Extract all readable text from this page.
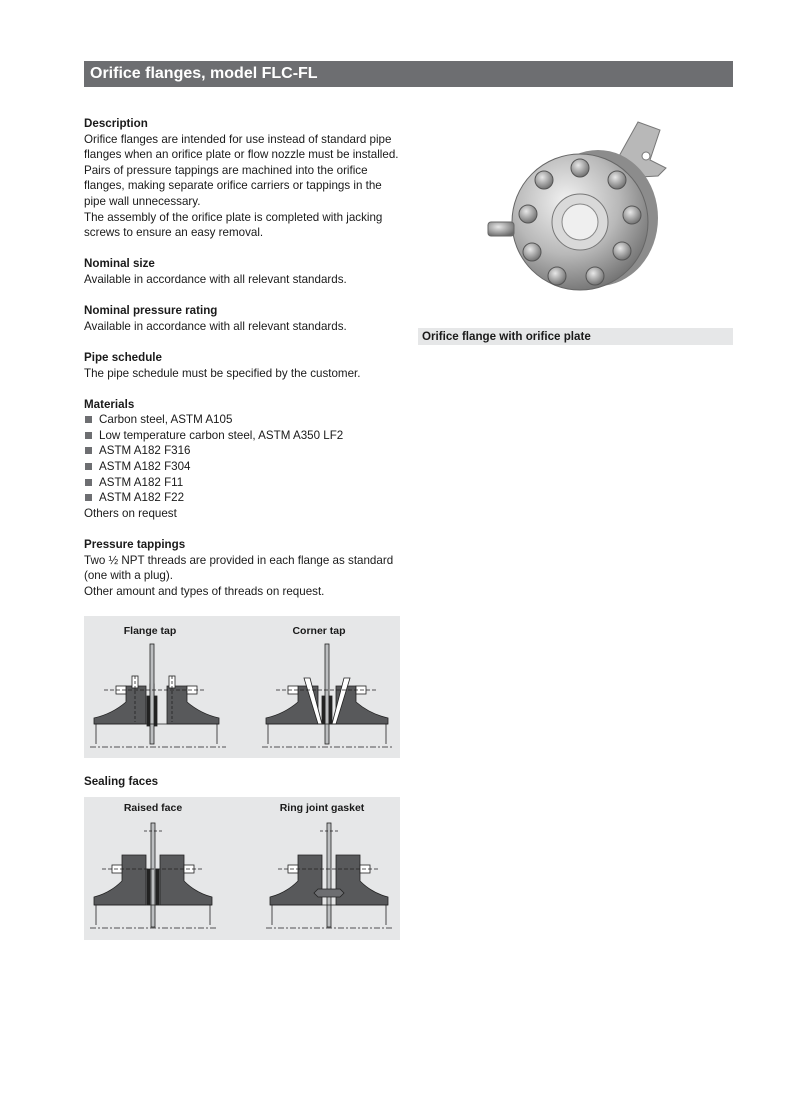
Orifice flanges, model FLC-FL
Description

Orifice flanges are intended for use instead of standard pipe

flanges when an orifice plate or flow nozzle must be installed.

Pairs of pressure tappings are machined into the orifice

flanges, making separate orifice carriers or tappings in the

pipe wall unnecessary.

The assembly of the orifice plate is completed with jacking

screws to ensure an easy removal.

Nominal size

Available in accordance with all relevant standards.

Nominal pressure rating

Available in accordance with all relevant standards.

Pipe schedule

The pipe schedule must be specified by the customer.

Materials
Carbon steel, ASTM A105
Low temperature carbon steel, ASTM A350 LF2
ASTM A182 F316
ASTM A182 F304
ASTM A182 F11
ASTM A182 F22

Others on request

Pressure tappings

Two ½ NPT threads are provided in each flange as standard

(one with a plug).

Other amount and types of threads on request.

Flange tap	Corner tap
Sealing faces
Raised face	Ring joint gasket
Orifice flange with orifice plate
